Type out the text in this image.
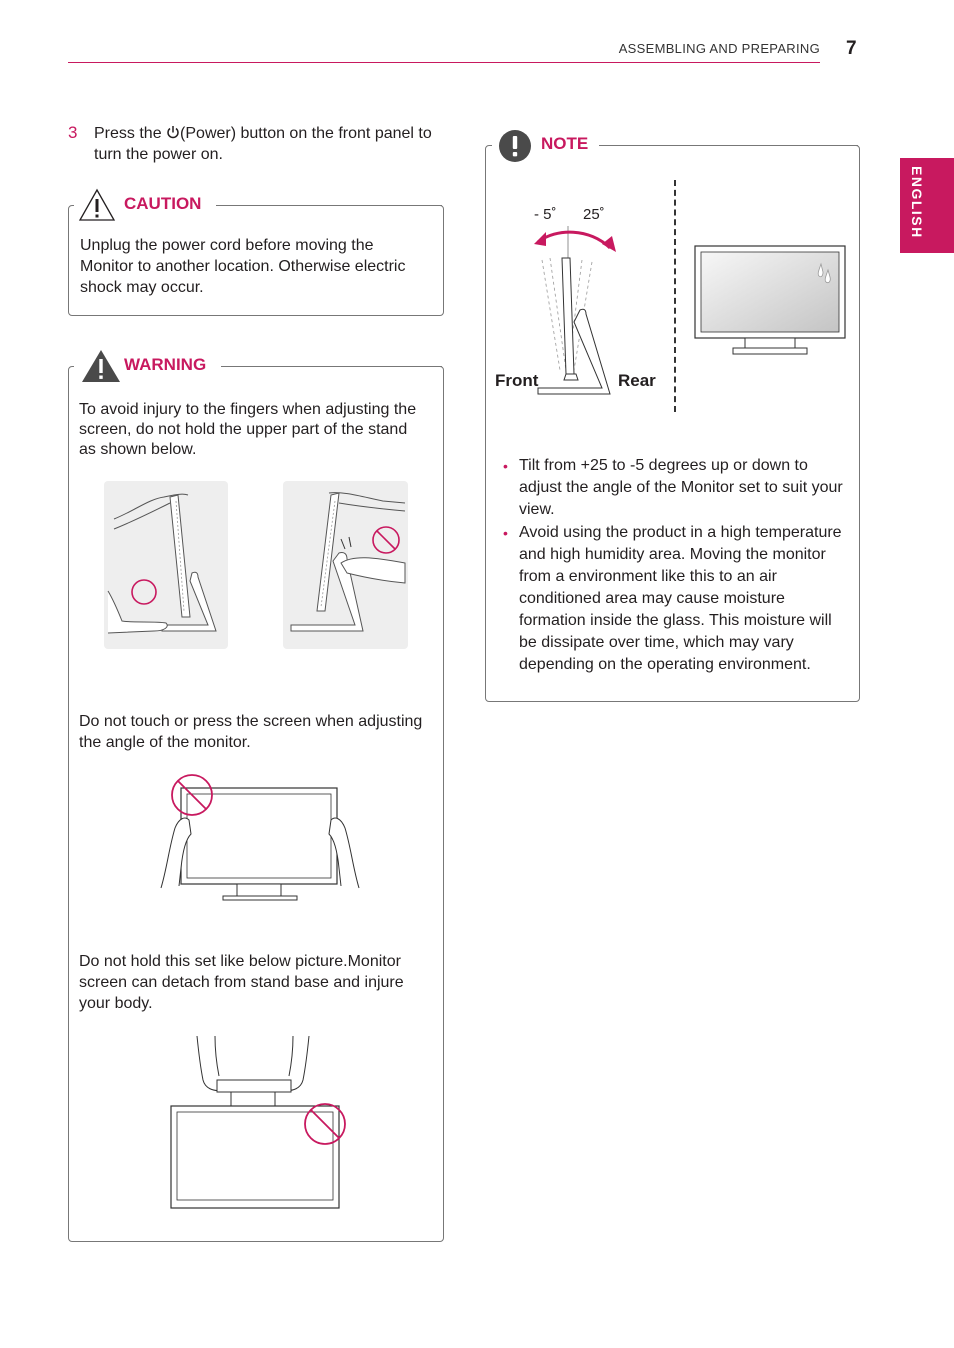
ASSEMBLING AND PREPARING 7
ENGLISH
3 Press the (Power) button on the front panel to turn the power on.
CAUTION
Unplug the power cord before moving the Monitor to another location. Otherwise electric shock may occur.
WARNING
To avoid injury to the fingers when adjusting the screen, do not hold the upper part of the stand as shown below.
Do not touch or press the screen when adjusting the angle of the monitor.
Do not hold this set like below picture.Monitor screen can detach from stand base and injure your body.
NOTE
- 5˚ 25˚
Front	Rear
• Tilt from +25 to -5 degrees up or down to adjust the angle of the Monitor set to suit your view.
• Avoid using the product in a high temperature and high humidity area. Moving the monitor from a environment like this to an air conditioned area may cause moisture formation inside the glass. This moisture will be dissipate over time, which may vary depending on the operating environment.
